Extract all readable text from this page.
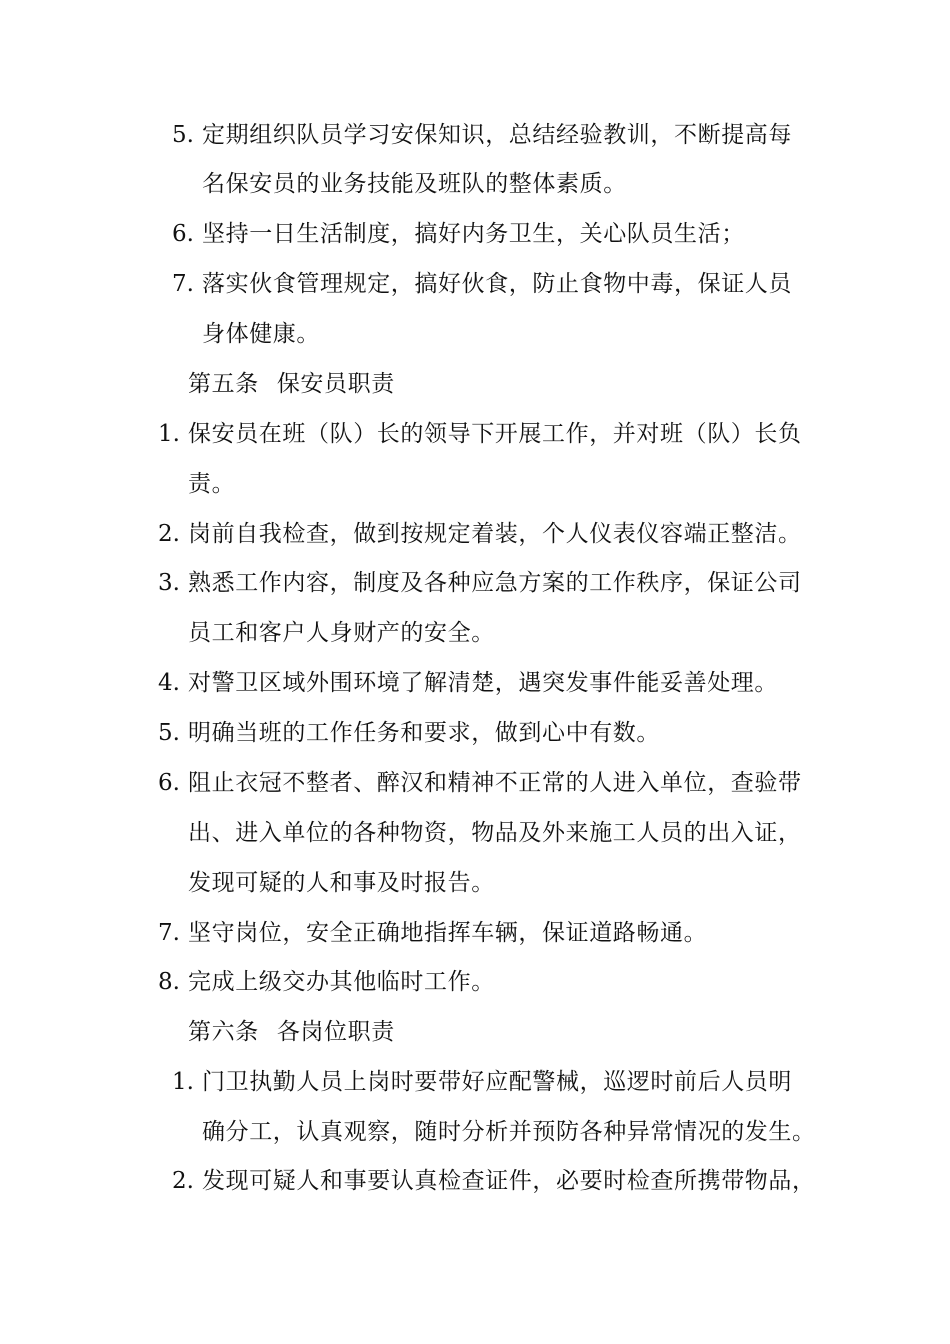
5. 定期组织队员学习安保知识，总结经验教训，不断提高每
名保安员的业务技能及班队的整体素质。
6. 坚持一日生活制度，搞好内务卫生，关心队员生活；
7. 落实伙食管理规定，搞好伙食，防止食物中毒，保证人员
身体健康。
第五条 保安员职责
1. 保安员在班（队）长的领导下开展工作，并对班（队）长负
责。
2. 岗前自我检查，做到按规定着装，个人仪表仪容端正整洁。
3. 熟悉工作内容，制度及各种应急方案的工作秩序，保证公司
员工和客户人身财产的安全。
4. 对警卫区域外围环境了解清楚，遇突发事件能妥善处理。
5. 明确当班的工作任务和要求，做到心中有数。
6. 阻止衣冠不整者、醉汉和精神不正常的人进入单位，查验带
出、进入单位的各种物资，物品及外来施工人员的出入证，
发现可疑的人和事及时报告。
7. 坚守岗位，安全正确地指挥车辆，保证道路畅通。
8. 完成上级交办其他临时工作。
第六条 各岗位职责
1. 门卫执勤人员上岗时要带好应配警械，巡逻时前后人员明
确分工，认真观察，随时分析并预防各种异常情况的发生。
2. 发现可疑人和事要认真检查证件，必要时检查所携带物品，
